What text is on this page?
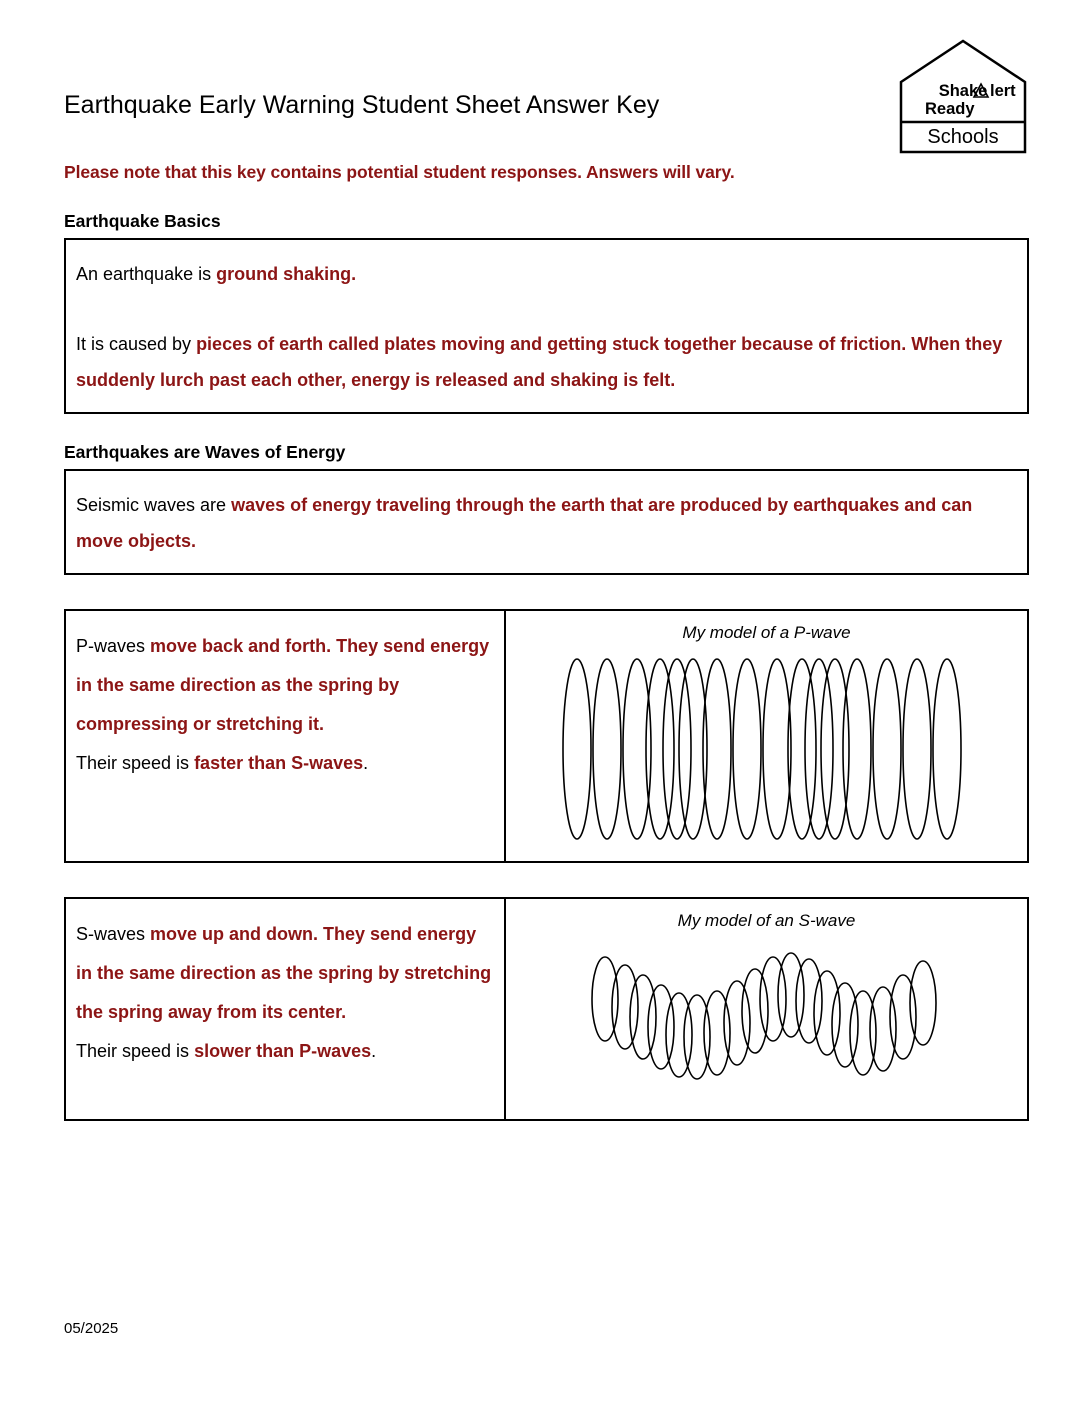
Earthquake Early Warning Student Sheet Answer Key	Shake lert
Ready
Schools
Please note that this key contains potential student responses. Answers will vary.
Earthquake Basics

An earthquake is ground shaking.

It is caused by pieces of earth called plates moving and getting stuck together because of friction. When they suddenly lurch past each other, energy is released and shaking is felt.

Earthquakes are Waves of Energy

Seismic waves are waves of energy traveling through the earth that are produced by earthquakes and can move objects.

P-waves move back and forth. They send energy in the same direction as the spring by compressing or stretching it.

Their speed is faster than S-waves.

My model of a P-wave

S-waves move up and down. They send energy in the same direction as the spring by stretching the spring away from its center.

Their speed is slower than P-waves.

My model of an S-wave
05/2025
